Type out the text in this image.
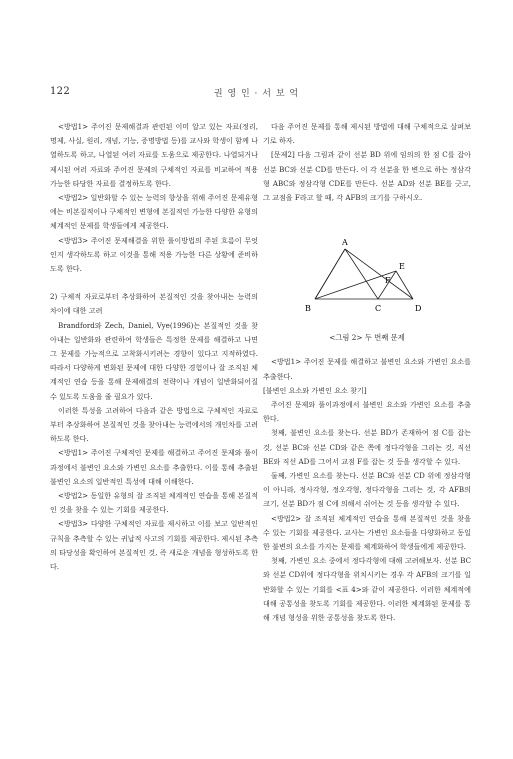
122	권 영 인 · 서 보 억

<방법1> 주어진 문제해결과 관련된 이미 알고 있는 자료(정리, 명제, 사실, 원리, 개념, 기능, 증명방법 등)를 교사와 학생이 함께 나열하도록 하고, 나열된 여러 자료를 도움으로 제공한다. 나열되거나 제시된 여러 자료와 주어진 문제의 구체적인 자료를 비교하여 적용 가능한 타당한 자료를 결정하도록 한다.

<방법2> 일반화할 수 있는 능력의 향상을 위해 주어진 문제유형에는 비본질적이나 구체적인 변형에 본질적인 가능한 다양한 유형의 체계적인 문제를 학생들에게 제공한다.

<방법3> 주어진 문제해결을 위한 풀이방법의 주된 흐름이 무엇인지 생각하도록 하고 이것을 통해 적용 가능한 다른 상황에 준비하도록 한다.

2) 구체적 자료로부터 추상화하여 본질적인 것을 찾아내는 능력의 차이에 대한 고려

Brandford와 Zech, Daniel, Vye(1996)는 본질적인 것을 찾아내는 일반화와 관련하여 학생들은 특정한 문제를 해결하고 나면 그 문제를 가능적으로 고착화시키려는 경향이 있다고 지적하였다. 따라서 다양하게 변화된 문제에 대한 다양한 경험이나 잘 조직된 체계적인 연습 등을 통해 문제해결의 전략이나 개념이 일반화되어질 수 있도록 도움을 줄 필요가 있다.

이러한 특성을 고려하여 다음과 같은 방법으로 구체적인 자료로부터 추상화하여 본질적인 것을 찾아내는 능력에서의 개인차를 고려하도록 한다.

<방법1> 주어진 구체적인 문제를 해결하고 주어진 문제와 풀이과정에서 불변인 요소와 가변인 요소를 추출한다. 이를 통해 추출된 불변인 요소의 일반적인 특성에 대해 이해한다.

<방법2> 동일한 유형의 잘 조직된 체계적인 연습을 통해 본질적인 것을 찾을 수 있는 기회를 제공한다.

<방법3> 다양한 구체적인 자료를 제시하고 이를 보고 일반적인 규칙을 추측할 수 있는 귀납적 사고의 기회를 제공한다. 제시된 추측의 타당성을 확인하여 본질적인 것, 즉 새로운 개념을 형성하도록 한다.

다음 주어진 문제를 통해 제시된 방법에 대해 구체적으로 살펴보기로 하자.

[문제2] 다음 그림과 같이 선분 BD 위에 임의의 한 점 C를 잡아 선분 BC와 선분 CD를 만든다. 이 각 선분을 한 변으로 하는 정삼각형 ABC와 정삼각형 CDE를 만든다. 선분 AD와 선분 BE를 긋고, 그 교점을 F라고 할 때, 각 AFB의 크기를 구하시오.

A
B	C	D
E
F
<그림 2> 두 번째 문제

<방법1> 주어진 문제를 해결하고 불변인 요소와 가변인 요소를 추출한다.

[불변인 요소와 가변인 요소 찾기]

주어진 문제와 풀이과정에서 불변인 요소와 가변인 요소를 추출한다.

첫째, 불변인 요소를 찾는다. 선분 BD가 존재하여 점 C를 잡는 것, 선분 BC와 선분 CD와 같은 쪽에 정다각형을 그리는 것, 직선 BE와 직선 AD를 그어서 교점 F를 잡는 것 등을 생각할 수 있다.

둘째, 가변인 요소를 찾는다. 선분 BC와 선분 CD 위에 정삼각형이 아니라, 정사각형, 정오각형, 정다각형을 그리는 것, 각 AFB의 크기, 선분 BD가 점 C에 의해서 쉬어는 것 등을 생각할 수 있다.

<방법2> 잘 조직된 체계적인 연습을 통해 본질적인 것을 찾을 수 있는 기회를 제공한다. 교사는 가변인 요소들을 다양화하고 동일한 불변의 요소를 가지는 문제를 체계화하여 학생들에게 제공한다.

첫째, 가변인 요소 중에서 정다각형에 대해 고려해보자. 선분 BC와 선분 CD위에 정다각형을 위치시키는 경우 각 AFB의 크기를 일반화할 수 있는 기회를 <표 4>와 같이 제공한다. 이러한 체계적에 대해 공통성을 찾도록 기회를 제공한다. 이러한 체계화된 문제를 통해 개념 형성을 위한 공통성을 찾도록 한다.
